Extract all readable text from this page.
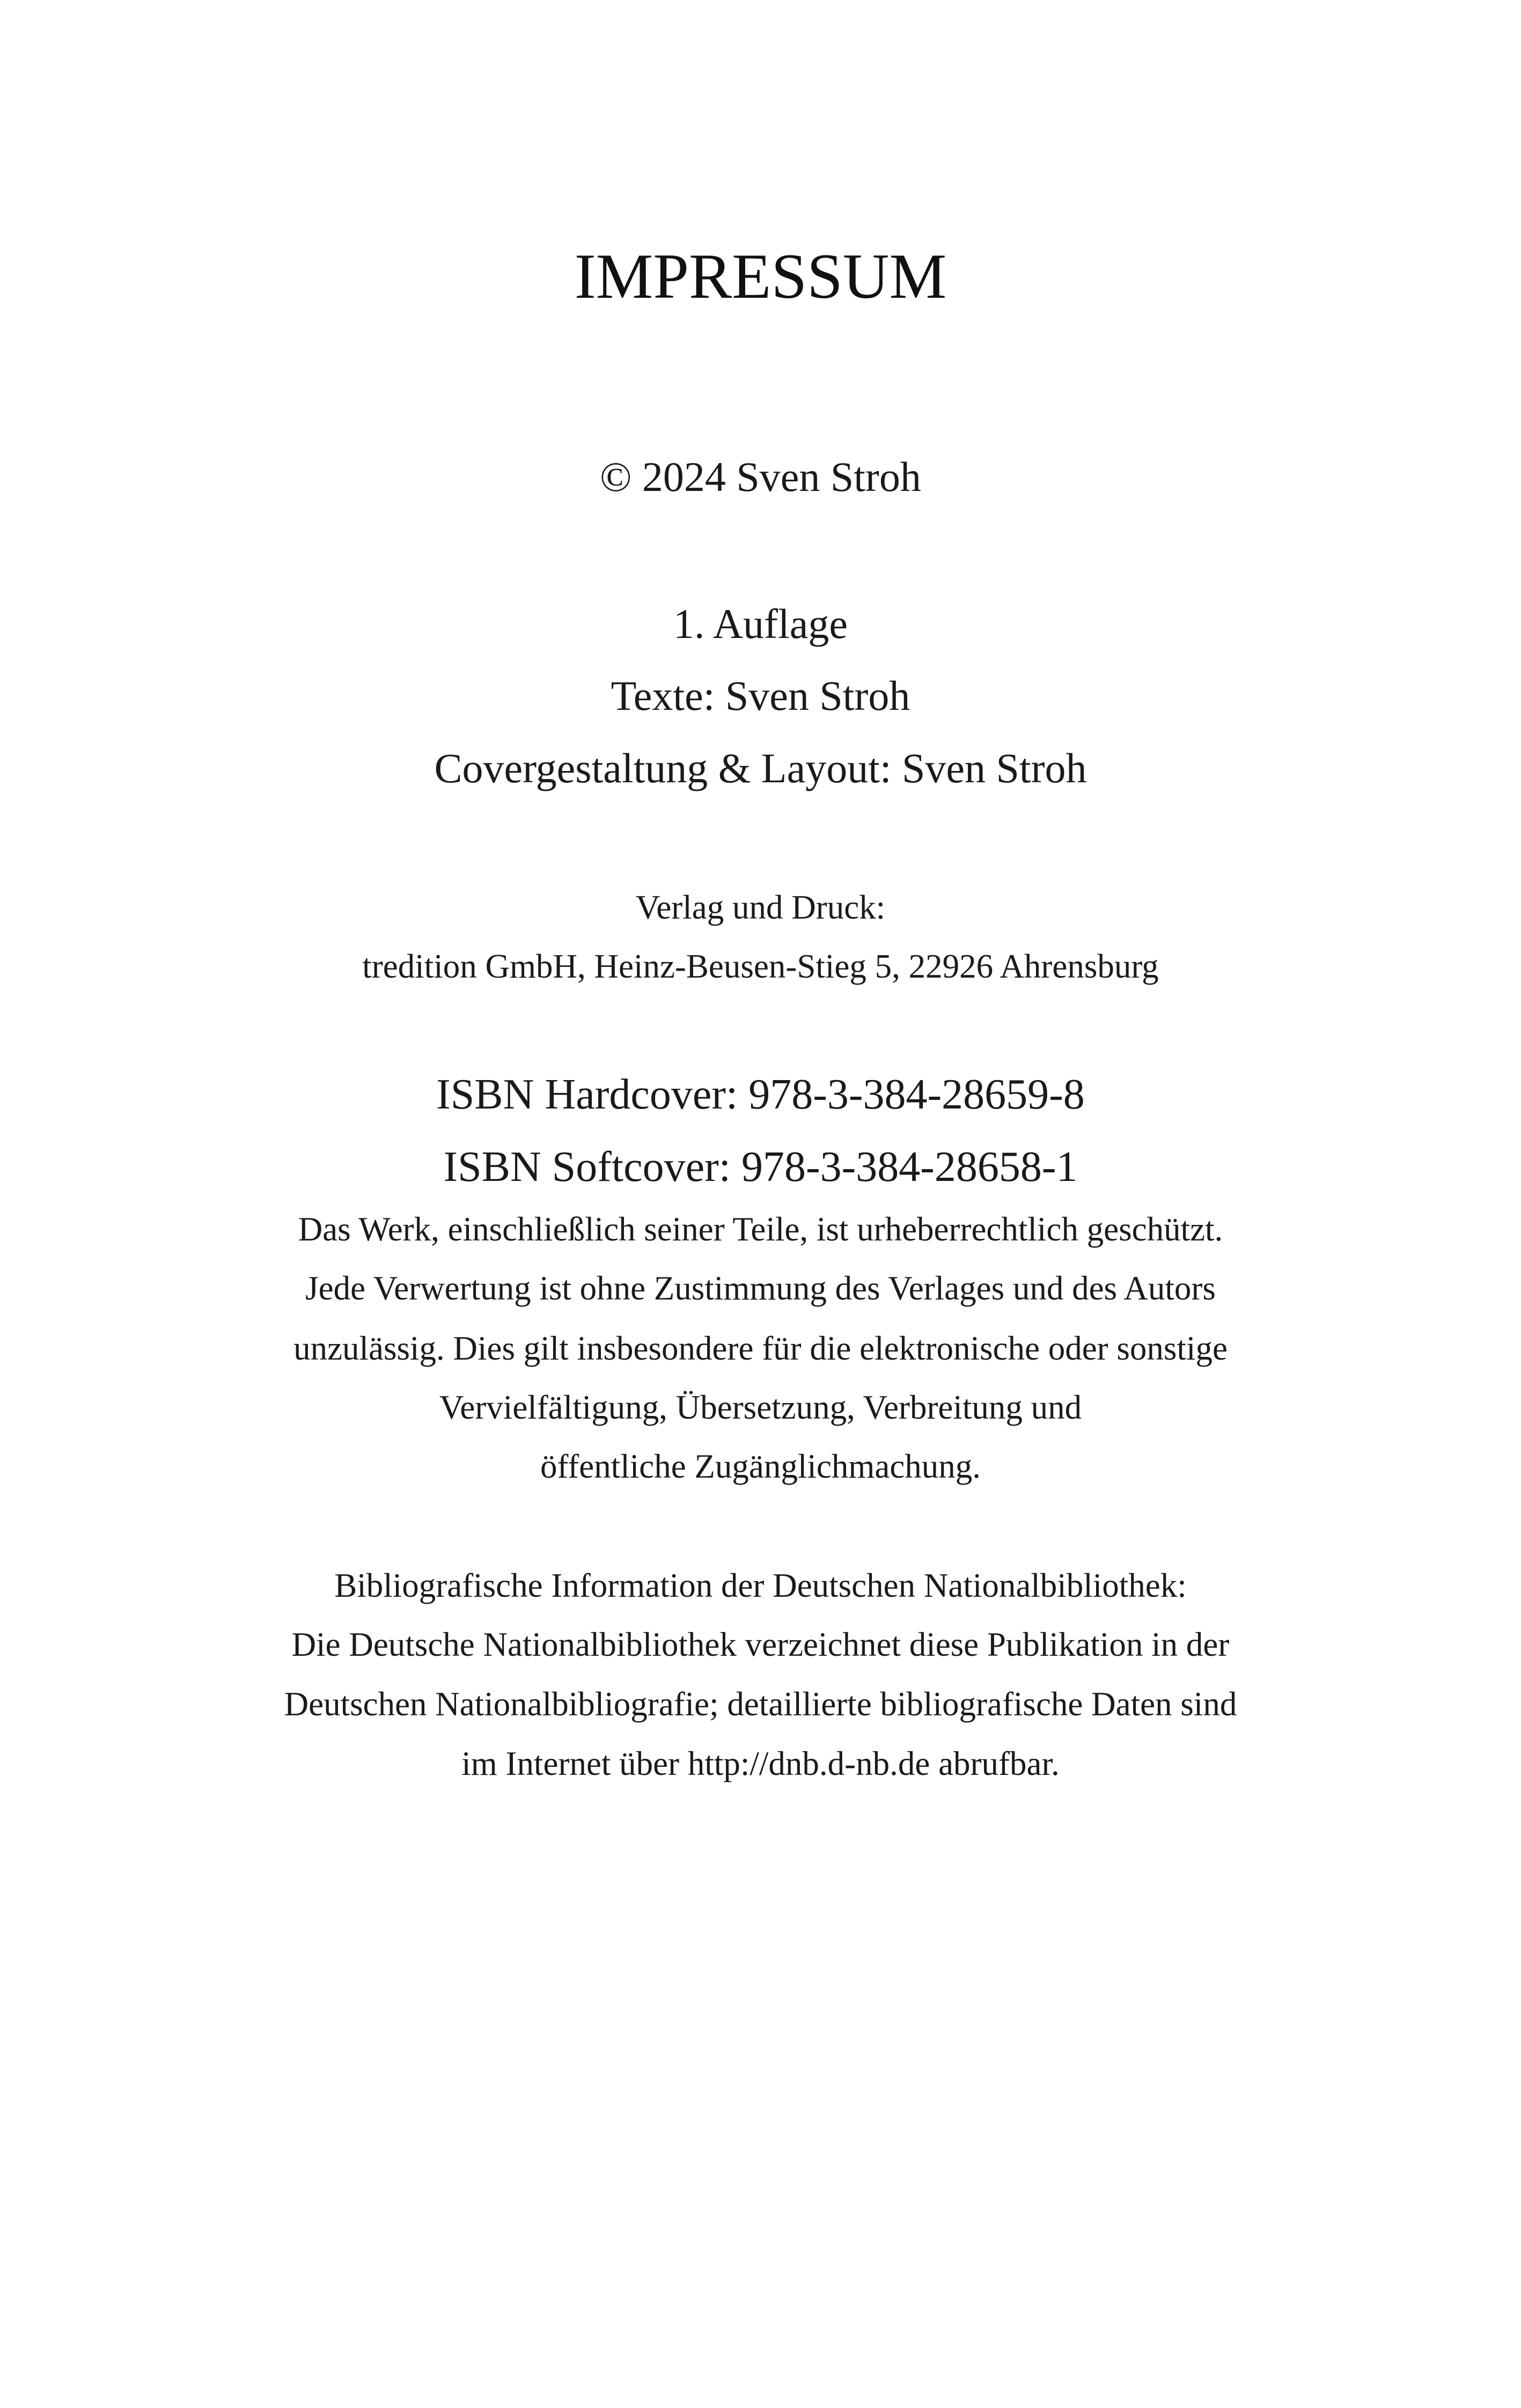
IMPRESSUM
© 2024 Sven Stroh
1. Auflage
Texte: Sven Stroh
Covergestaltung & Layout: Sven Stroh
Verlag und Druck:
tredition GmbH, Heinz-Beusen-Stieg 5, 22926 Ahrensburg
ISBN Hardcover: 978-3-384-28659-8
ISBN Softcover: 978-3-384-28658-1
Das Werk, einschließlich seiner Teile, ist urheberrechtlich geschützt.
Jede Verwertung ist ohne Zustimmung des Verlages und des Autors
unzulässig. Dies gilt insbesondere für die elektronische oder sonstige
Vervielfältigung, Übersetzung, Verbreitung und
öffentliche Zugänglichmachung.
Bibliografische Information der Deutschen Nationalbibliothek:
Die Deutsche Nationalbibliothek verzeichnet diese Publikation in der
Deutschen Nationalbibliografie; detaillierte bibliografische Daten sind
im Internet über http://dnb.d-nb.de abrufbar.
